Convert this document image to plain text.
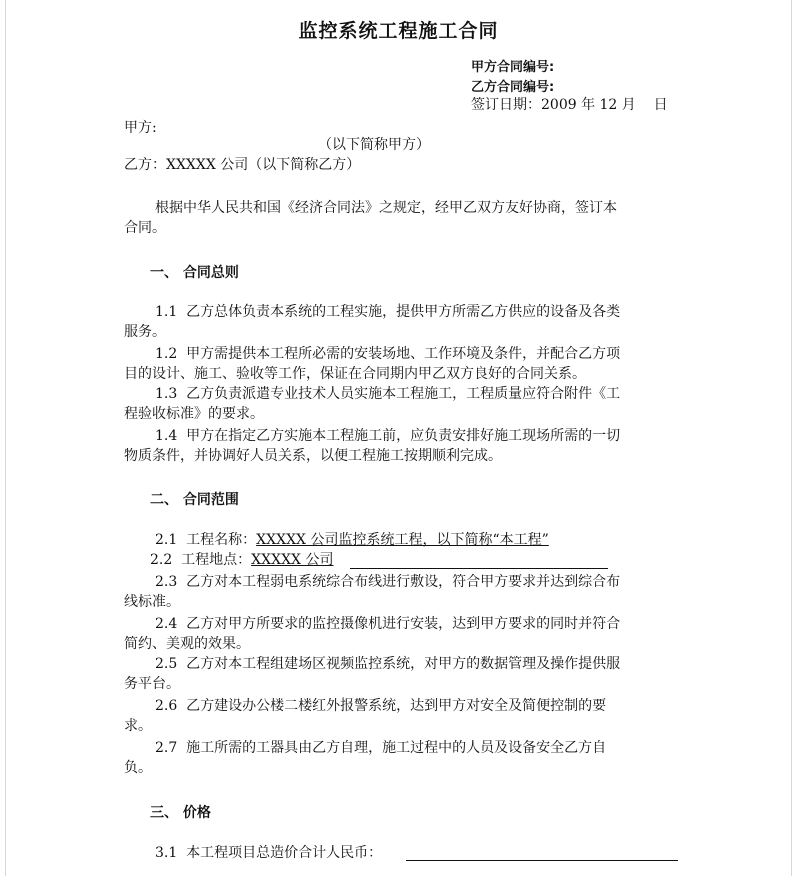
监控系统工程施工合同
甲方合同编号:
乙方合同编号:
签订日期：2009 年 12 月    日
甲方:
（以下简称甲方）
乙方：XXXXX 公司（以下简称乙方）
根据中华人民共和国《经济合同法》之规定，经甲乙双方友好协商，签订本
合同。
一、 合同总则
1.1  乙方总体负责本系统的工程实施，提供甲方所需乙方供应的设备及各类
服务。
1.2  甲方需提供本工程所必需的安装场地、工作环境及条件，并配合乙方项
目的设计、施工、验收等工作，保证在合同期内甲乙双方良好的合同关系。
1.3  乙方负责派遣专业技术人员实施本工程施工，工程质量应符合附件《工
程验收标准》的要求。
1.4  甲方在指定乙方实施本工程施工前，应负责安排好施工现场所需的一切
物质条件，并协调好人员关系，以便工程施工按期顺利完成。
二、 合同范围
2.1  工程名称：XXXXX 公司监控系统工程，以下简称“本工程”
2.2  工程地点：XXXXX 公司
2.3  乙方对本工程弱电系统综合布线进行敷设，符合甲方要求并达到综合布
线标准。
2.4  乙方对甲方所要求的监控摄像机进行安装，达到甲方要求的同时并符合
简约、美观的效果。
2.5  乙方对本工程组建场区视频监控系统，对甲方的数据管理及操作提供服
务平台。
2.6  乙方建设办公楼二楼红外报警系统，达到甲方对安全及简便控制的要
求。
2.7  施工所需的工器具由乙方自理，施工过程中的人员及设备安全乙方自
负。
三、 价格
3.1  本工程项目总造价合计人民币：
